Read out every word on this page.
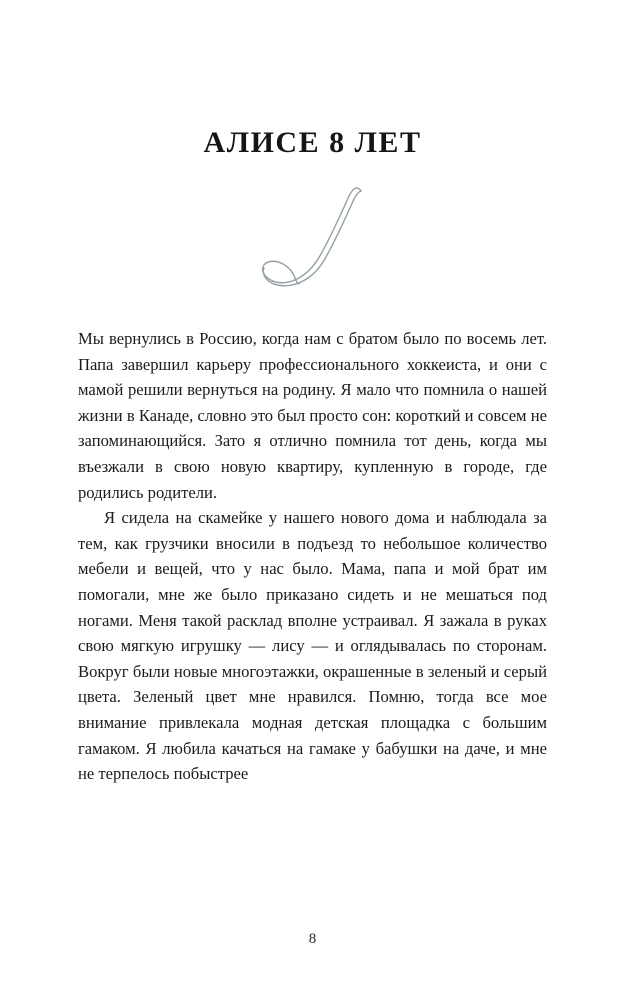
АЛИСЕ 8 ЛЕТ

Мы вернулись в Россию, когда нам с братом было по восемь лет. Папа завершил карьеру профессионального хоккеиста, и они с мамой решили вернуться на родину. Я мало что помнила о нашей жизни в Канаде, словно это был просто сон: короткий и совсем не запоминающийся. Зато я отлично помнила тот день, когда мы въезжали в свою новую квартиру, купленную в городе, где родились родители.

Я сидела на скамейке у нашего нового дома и наблюдала за тем, как грузчики вносили в подъезд то небольшое количество мебели и вещей, что у нас было. Мама, папа и мой брат им помогали, мне же было приказано сидеть и не мешаться под ногами. Меня такой расклад вполне устраивал. Я зажала в руках свою мягкую игрушку — лису — и оглядывалась по сторонам. Вокруг были новые многоэтажки, окрашенные в зеленый и серый цвета. Зеленый цвет мне нравился. Помню, тогда все мое внимание привлекала модная детская площадка с большим гамаком. Я любила качаться на гамаке у бабушки на даче, и мне не терпелось побыстрее

8
